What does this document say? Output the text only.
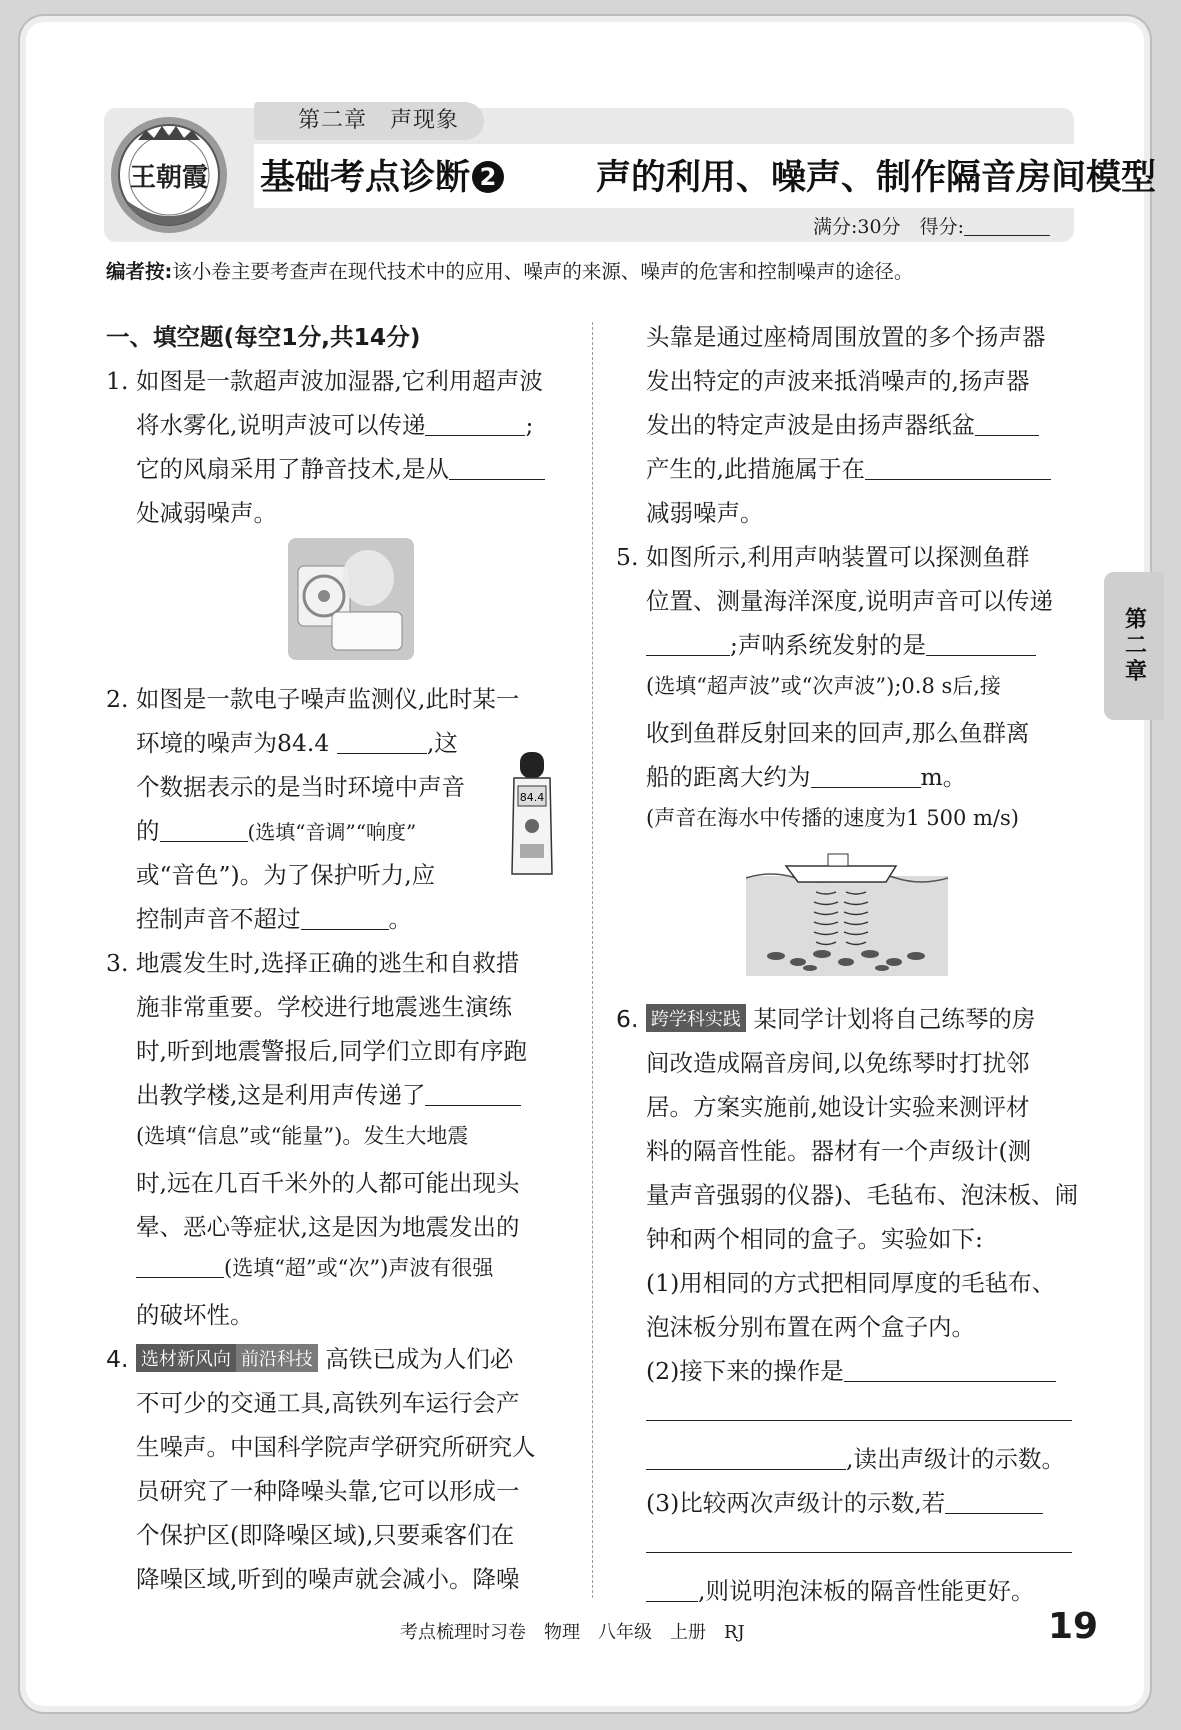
第二章　声现象
王朝霞 基础考点诊断 2	声的利用、噪声、制作隔音房间模型
满分:30分　得分:
编者按:该小卷主要考查声在现代技术中的应用、噪声的来源、噪声的危害和控制噪声的途径。
一、填空题(每空1分,共14分)
1. 如图是一款超声波加湿器,它利用超声波
将水雾化,说明声波可以传递	;
它的风扇采用了静音技术,是从
处减弱噪声。
2. 如图是一款电子噪声监测仪,此时某一
环境的噪声为84.4	,这
个数据表示的是当时环境中声音
的	(选填“音调”“响度”
或“音色”)。为了保护听力,应
控制声音不超过	。
84.4
3. 地震发生时,选择正确的逃生和自救措
施非常重要。学校进行地震逃生演练
时,听到地震警报后,同学们立即有序跑
出教学楼,这是利用声传递了
(选填“信息”或“能量”)。发生大地震
时,远在几百千米外的人都可能出现头
晕、恶心等症状,这是因为地震发出的
(选填“超”或“次”)声波有很强
的破坏性。
4. 选材新风向 前沿科技 高铁已成为人们必
不可少的交通工具,高铁列车运行会产
生噪声。中国科学院声学研究所研究人
员研究了一种降噪头靠,它可以形成一
个保护区(即降噪区域),只要乘客们在
降噪区域,听到的噪声就会减小。降噪
头靠是通过座椅周围放置的多个扬声器
发出特定的声波来抵消噪声的,扬声器
发出的特定声波是由扬声器纸盆
产生的,此措施属于在
减弱噪声。
5. 如图所示,利用声呐装置可以探测鱼群
位置、测量海洋深度,说明声音可以传递
;声呐系统发射的是
(选填“超声波”或“次声波”);0.8 s后,接
收到鱼群反射回来的回声,那么鱼群离
船的距离大约为	m。
(声音在海水中传播的速度为1 500 m/s)
6. 跨学科实践 某同学计划将自己练琴的房
间改造成隔音房间,以免练琴时打扰邻
居。方案实施前,她设计实验来测评材
料的隔音性能。器材有一个声级计(测
量声音强弱的仪器)、毛毡布、泡沫板、闹
钟和两个相同的盒子。实验如下:
(1)用相同的方式把相同厚度的毛毡布、
泡沫板分别布置在两个盒子内。
(2)接下来的操作是
,读出声级计的示数。
(3)比较两次声级计的示数,若
,则说明泡沫板的隔音性能更好。
第二章
考点梳理时习卷　物理　八年级　上册　RJ	19
